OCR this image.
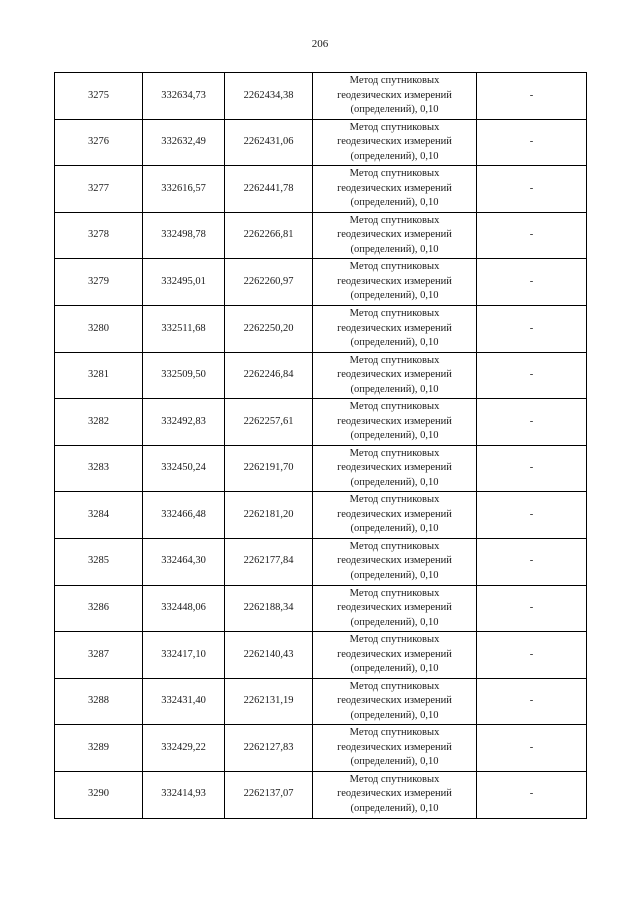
206
3275	332634,73	2262434,38	Метод спутниковых
геодезических измерений
(определений), 0,10	-
3276	332632,49	2262431,06	Метод спутниковых
геодезических измерений
(определений), 0,10	-
3277	332616,57	2262441,78	Метод спутниковых
геодезических измерений
(определений), 0,10	-
3278	332498,78	2262266,81	Метод спутниковых
геодезических измерений
(определений), 0,10	-
3279	332495,01	2262260,97	Метод спутниковых
геодезических измерений
(определений), 0,10	-
3280	332511,68	2262250,20	Метод спутниковых
геодезических измерений
(определений), 0,10	-
3281	332509,50	2262246,84	Метод спутниковых
геодезических измерений
(определений), 0,10	-
3282	332492,83	2262257,61	Метод спутниковых
геодезических измерений
(определений), 0,10	-
3283	332450,24	2262191,70	Метод спутниковых
геодезических измерений
(определений), 0,10	-
3284	332466,48	2262181,20	Метод спутниковых
геодезических измерений
(определений), 0,10	-
3285	332464,30	2262177,84	Метод спутниковых
геодезических измерений
(определений), 0,10	-
3286	332448,06	2262188,34	Метод спутниковых
геодезических измерений
(определений), 0,10	-
3287	332417,10	2262140,43	Метод спутниковых
геодезических измерений
(определений), 0,10	-
3288	332431,40	2262131,19	Метод спутниковых
геодезических измерений
(определений), 0,10	-
3289	332429,22	2262127,83	Метод спутниковых
геодезических измерений
(определений), 0,10	-
3290	332414,93	2262137,07	Метод спутниковых
геодезических измерений
(определений), 0,10	-
